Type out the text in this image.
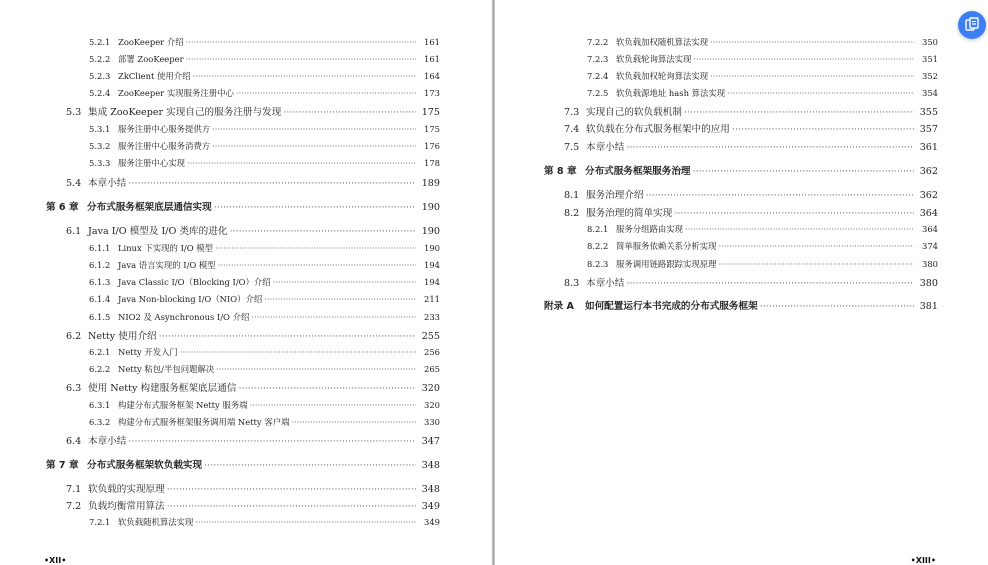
5.2.1 ZooKeeper 介绍 ·····	161
5.2.2 部署 ZooKeeper ·····	161
5.2.3 ZkClient 使用介绍 ·····	164
5.2.4 ZooKeeper 实现服务注册中心 ·····	173
5.3 集成 ZooKeeper 实现自己的服务注册与发现 ·····	175
5.3.1 服务注册中心服务提供方 ·····	175
5.3.2 服务注册中心服务消费方 ·····	176
5.3.3 服务注册中心实现 ·····	178
5.4 本章小结 ·····	189
第 6 章 分布式服务框架底层通信实现 ·····	190
6.1 Java I/O 模型及 I/O 类库的进化 ·····	190
6.1.1 Linux 下实现的 I/O 模型 ·····	190
6.1.2 Java 语言实现的 I/O 模型 ·····	194
6.1.3 Java Classic I/O（Blocking I/O）介绍 ·····	194
6.1.4 Java Non-blocking I/O（NIO）介绍 ·····	211
6.1.5 NIO2 及 Asynchronous I/O 介绍 ·····	233
6.2 Netty 使用介绍 ·····	255
6.2.1 Netty 开发入门 ·····	256
6.2.2 Netty 粘包/半包问题解决 ·····	265
6.3 使用 Netty 构建服务框架底层通信 ·····	320
6.3.1 构建分布式服务框架 Netty 服务端 ·····	320
6.3.2 构建分布式服务框架服务调用端 Netty 客户端 ·····	330
6.4 本章小结 ·····	347
第 7 章 分布式服务框架软负载实现 ·····	348
7.1 软负载的实现原理 ·····	348
7.2 负载均衡常用算法 ·····	349
7.2.1 软负载随机算法实现 ·····	349
•XII•
7.2.2 软负载加权随机算法实现 ·····	350
7.2.3 软负载轮询算法实现 ·····	351
7.2.4 软负载加权轮询算法实现 ·····	352
7.2.5 软负载源地址 hash 算法实现 ·····	354
7.3 实现自己的软负载机制 ·····	355
7.4 软负载在分布式服务框架中的应用 ·····	357
7.5 本章小结 ·····	361
第 8 章 分布式服务框架服务治理 ·····	362
8.1 服务治理介绍 ·····	362
8.2 服务治理的简单实现 ·····	364
8.2.1 服务分组路由实现 ·····	364
8.2.2 简单服务依赖关系分析实现 ·····	374
8.2.3 服务调用链路跟踪实现原理 ·····	380
8.3 本章小结 ·····	380
附录 A	如何配置运行本书完成的分布式服务框架 ·····	381
•XIII•
